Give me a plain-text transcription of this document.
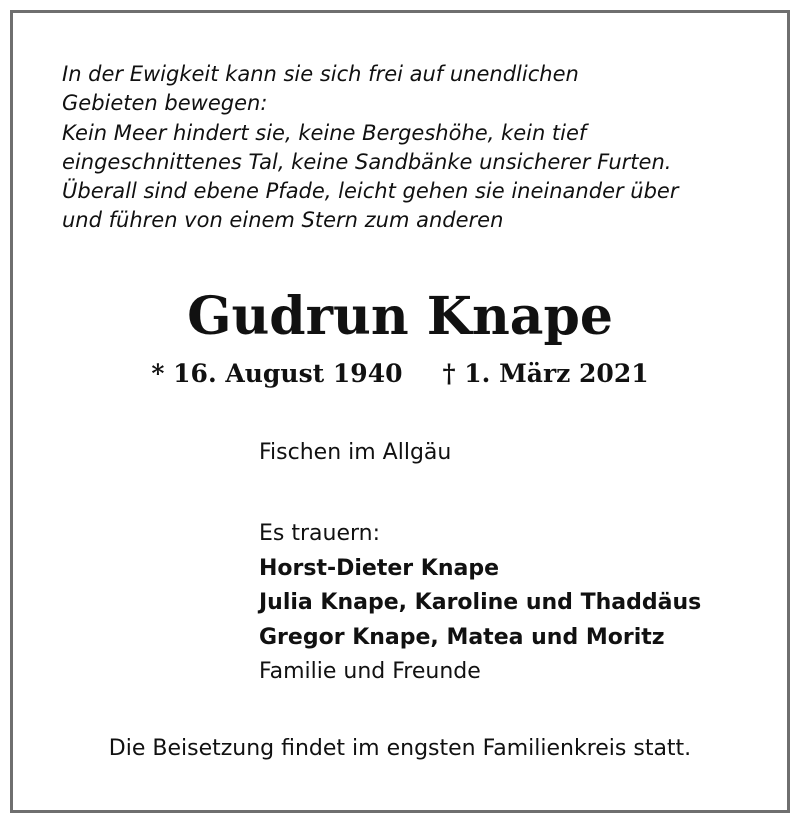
In der Ewigkeit kann sie sich frei auf unendlichen
Gebieten bewegen:
Kein Meer hindert sie, keine Bergeshöhe, kein tief
eingeschnittenes Tal, keine Sandbänke unsicherer Furten.
Überall sind ebene Pfade, leicht gehen sie ineinander über
und führen von einem Stern zum anderen
Gudrun Knape
* 16. August 1940 † 1. März 2021
Fischen im Allgäu
Es trauern:
Horst-Dieter Knape
Julia Knape, Karoline und Thaddäus
Gregor Knape, Matea und Moritz
Familie und Freunde
Die Beisetzung findet im engsten Familienkreis statt.
